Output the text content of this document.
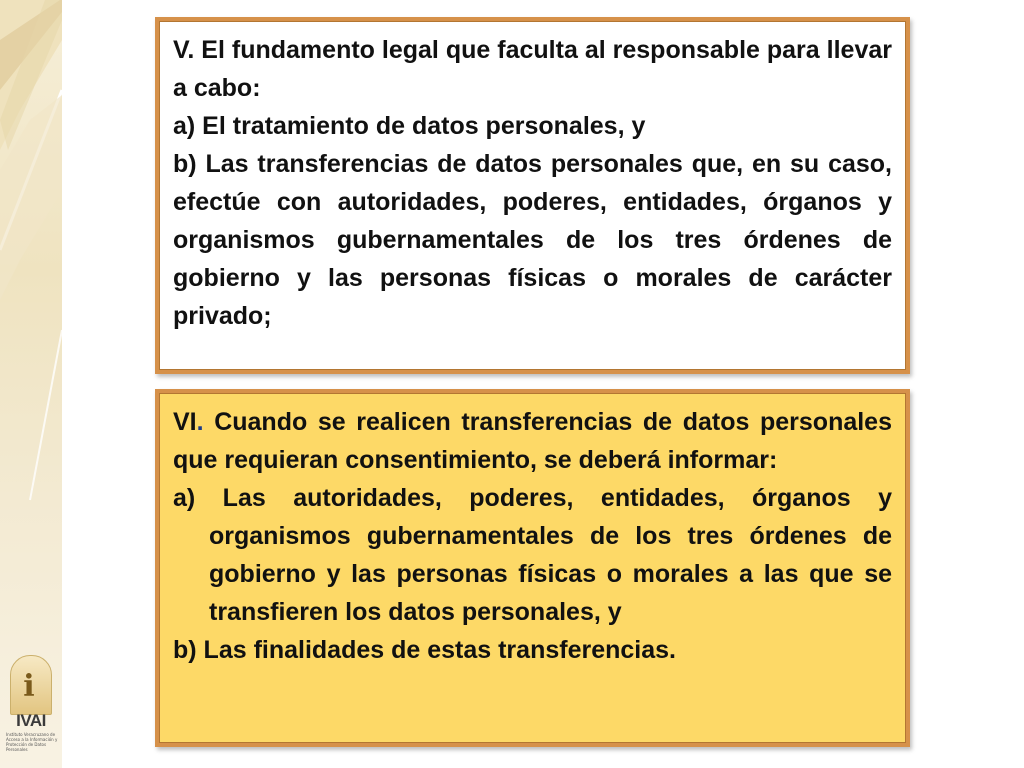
i
IVAI
Instituto Veracruzano de Acceso a la Información y Protección de Datos Personales

V. El fundamento legal que faculta al responsable para llevar a cabo:

a) El tratamiento de datos personales, y

b) Las transferencias de datos personales que, en su caso, efectúe con autoridades, poderes, entidades, órganos y organismos gubernamentales de los tres órdenes de gobierno y las personas físicas o morales de carácter privado;

VI. Cuando se realicen transferencias de datos personales que requieran consentimiento, se deberá informar:

a) Las autoridades, poderes, entidades, órganos y organismos gubernamentales de los tres órdenes de gobierno y las personas físicas o morales a las que se transfieren los datos personales, y

b) Las finalidades de estas transferencias.
